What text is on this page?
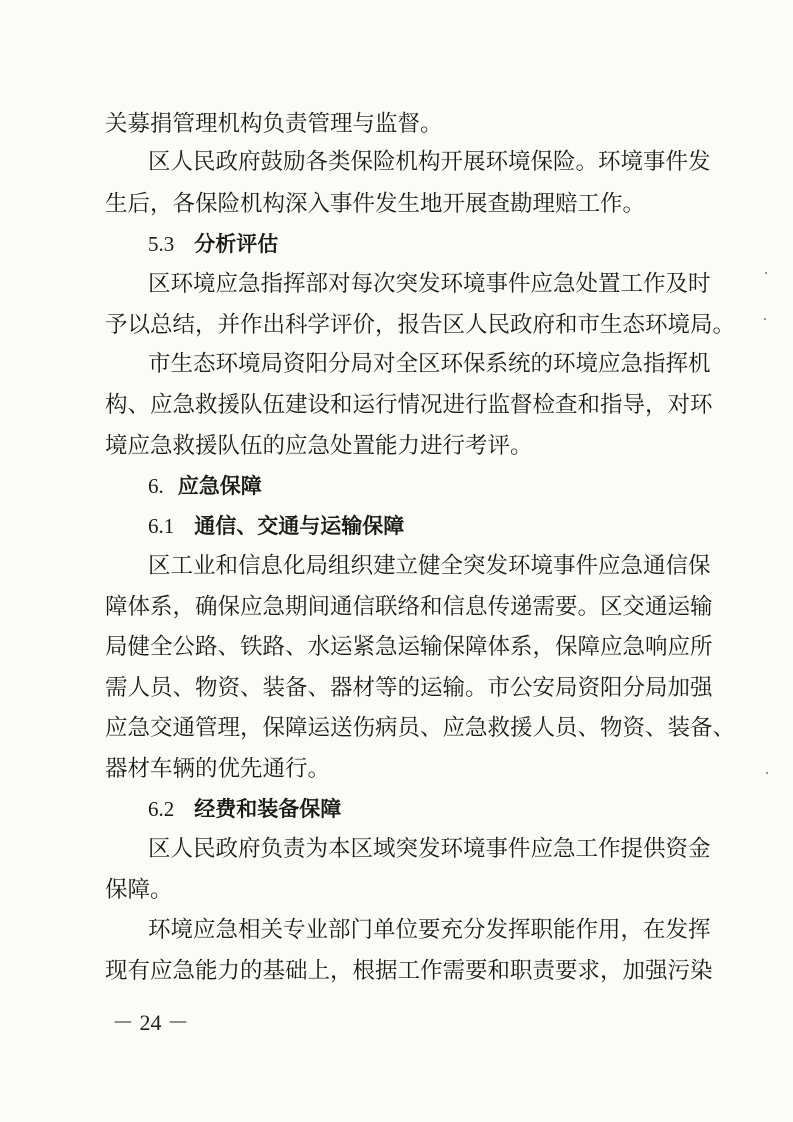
关募捐管理机构负责管理与监督。
区人民政府鼓励各类保险机构开展环境保险。环境事件发
生后，各保险机构深入事件发生地开展查勘理赔工作。
5.3 分析评估
区环境应急指挥部对每次突发环境事件应急处置工作及时
予以总结，并作出科学评价，报告区人民政府和市生态环境局。
市生态环境局资阳分局对全区环保系统的环境应急指挥机
构、应急救援队伍建设和运行情况进行监督检查和指导，对环
境应急救援队伍的应急处置能力进行考评。
6. 应急保障
6.1 通信、交通与运输保障
区工业和信息化局组织建立健全突发环境事件应急通信保
障体系，确保应急期间通信联络和信息传递需要。区交通运输
局健全公路、铁路、水运紧急运输保障体系，保障应急响应所
需人员、物资、装备、器材等的运输。市公安局资阳分局加强
应急交通管理，保障运送伤病员、应急救援人员、物资、装备、
器材车辆的优先通行。
6.2 经费和装备保障
区人民政府负责为本区域突发环境事件应急工作提供资金
保障。
环境应急相关专业部门单位要充分发挥职能作用，在发挥
现有应急能力的基础上，根据工作需要和职责要求，加强污染
－ 24 －
